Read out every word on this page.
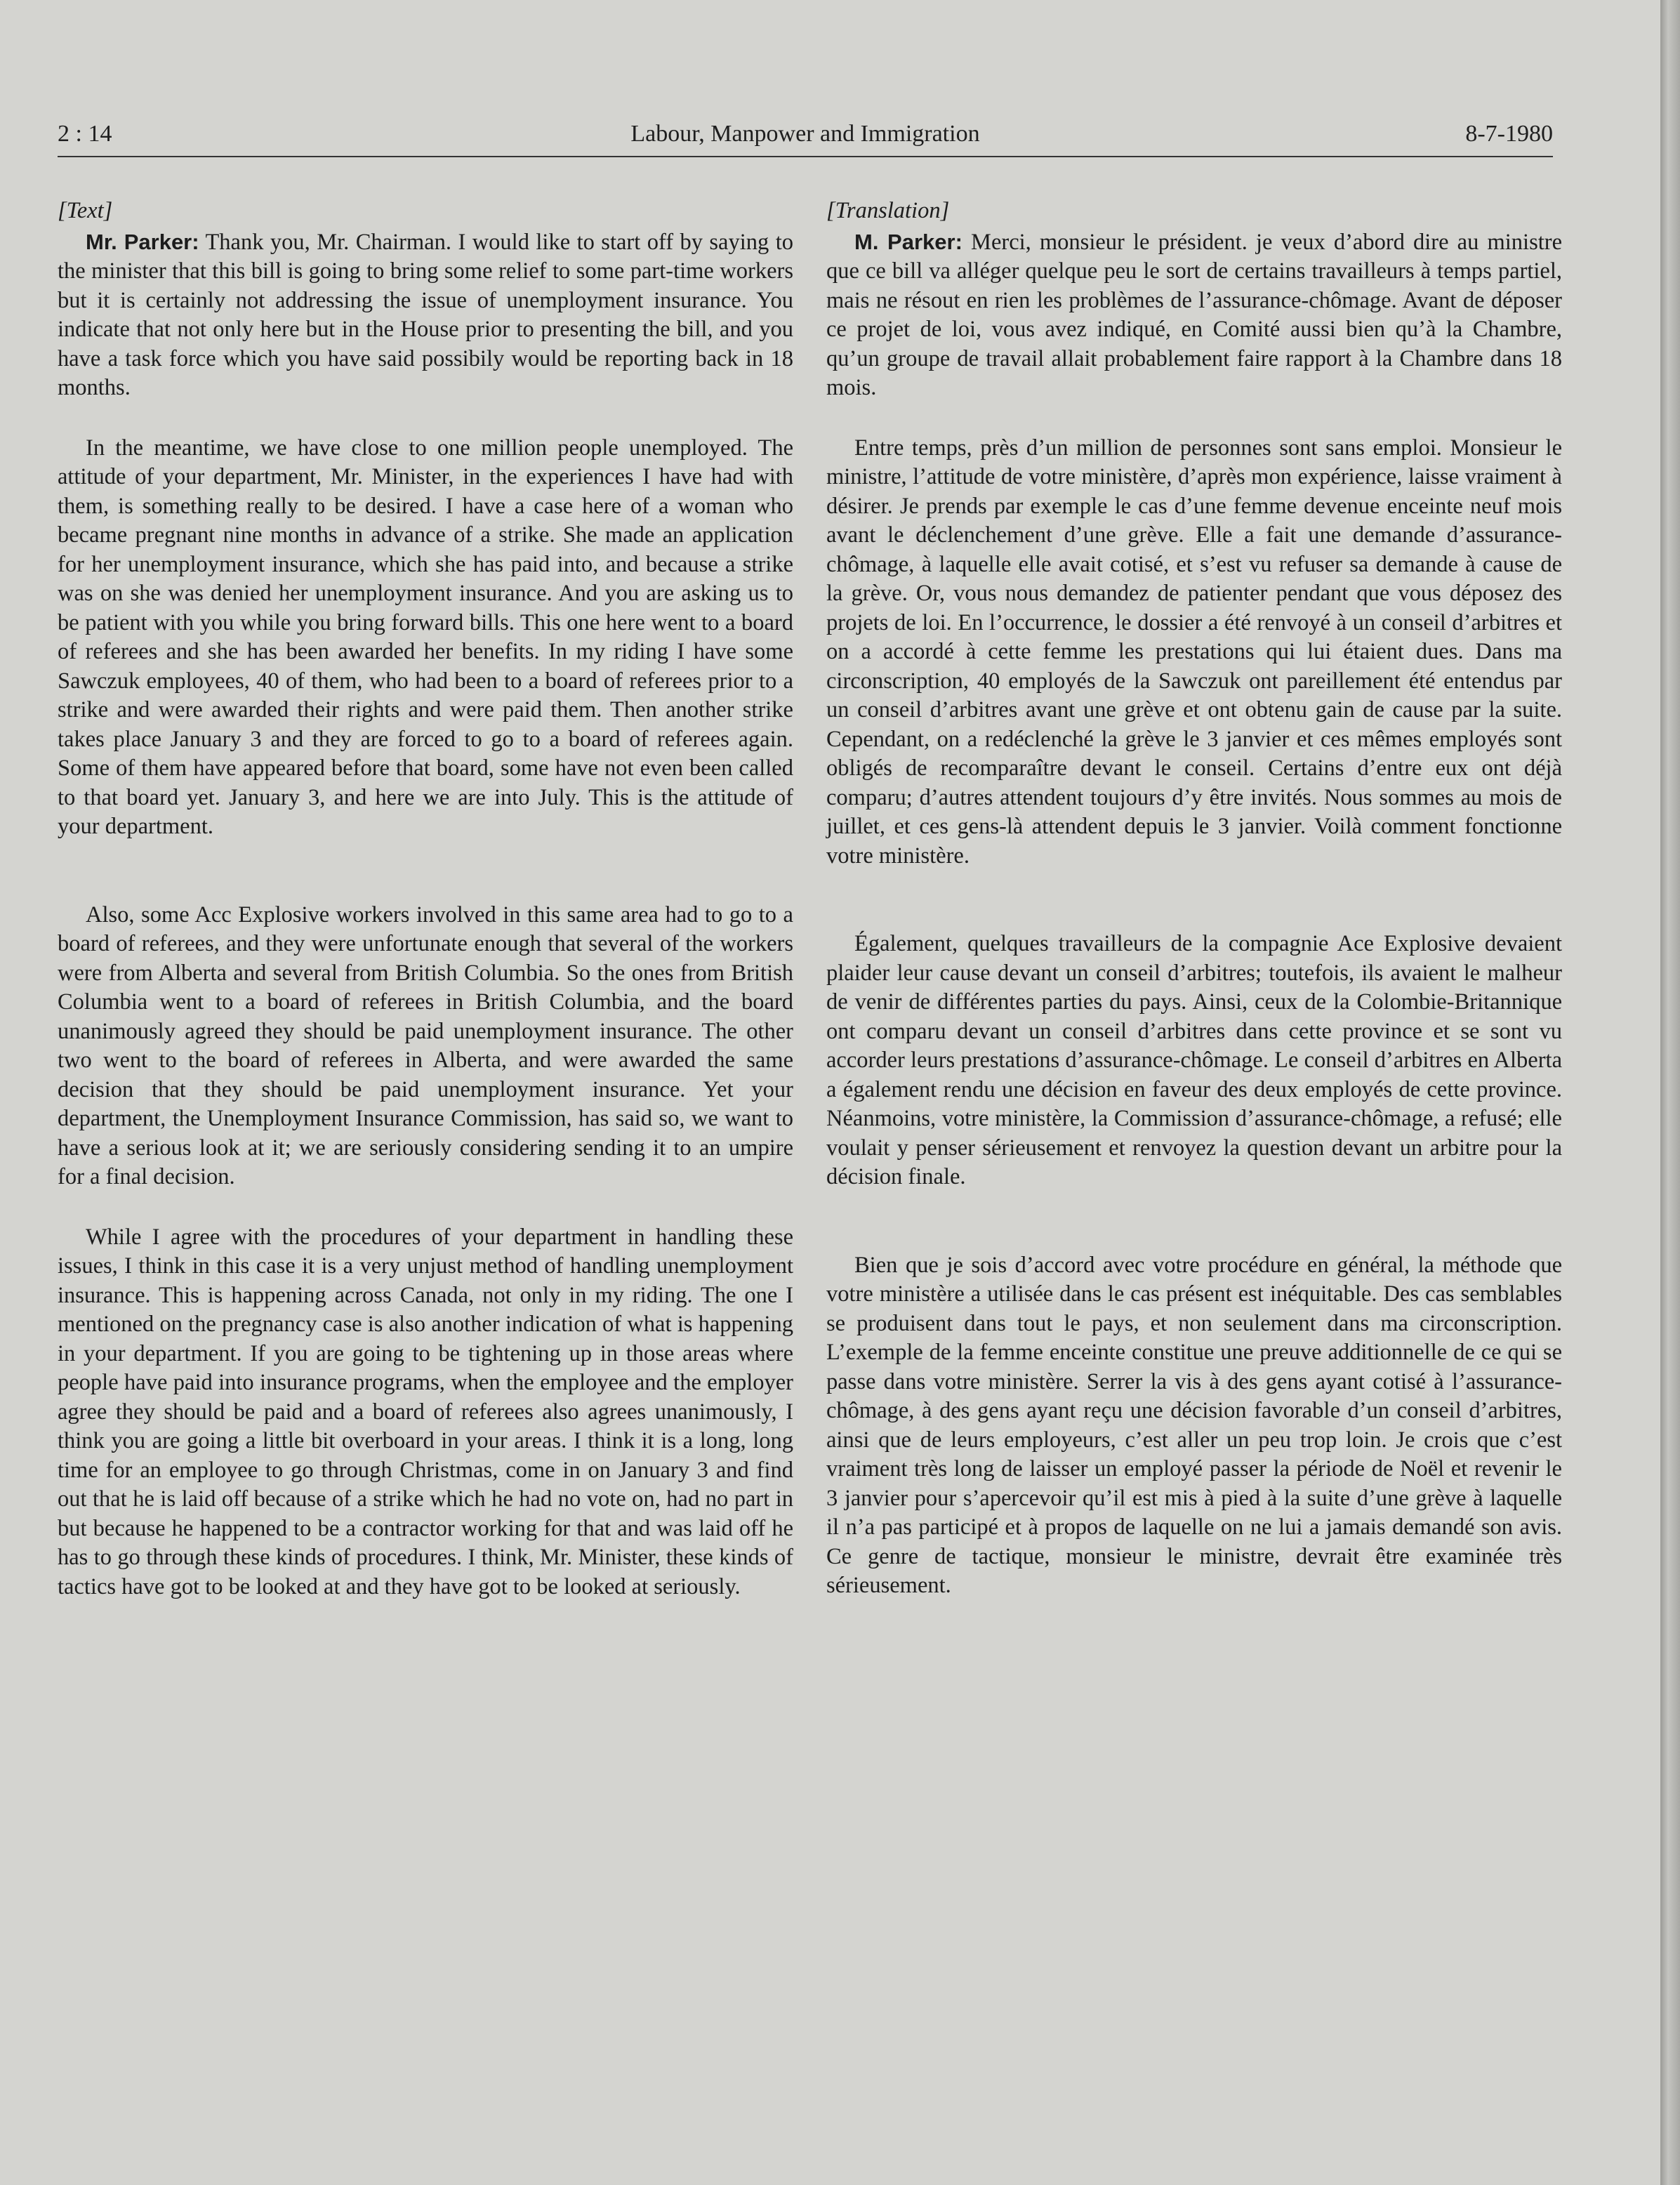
2 : 14	Labour, Manpower and Immigration	8-7-1980
[Text]

Mr. Parker: Thank you, Mr. Chairman. I would like to start off by saying to the minister that this bill is going to bring some relief to some part-time workers but it is certainly not addressing the issue of unemployment insurance. You indicate that not only here but in the House prior to presenting the bill, and you have a task force which you have said possibily would be reporting back in 18 months.

In the meantime, we have close to one million people unemployed. The attitude of your department, Mr. Minister, in the experiences I have had with them, is something really to be desired. I have a case here of a woman who became pregnant nine months in advance of a strike. She made an application for her unemployment insurance, which she has paid into, and because a strike was on she was denied her unemployment insurance. And you are asking us to be patient with you while you bring forward bills. This one here went to a board of referees and she has been awarded her benefits. In my riding I have some Sawczuk employees, 40 of them, who had been to a board of referees prior to a strike and were awarded their rights and were paid them. Then another strike takes place January 3 and they are forced to go to a board of referees again. Some of them have appeared before that board, some have not even been called to that board yet. January 3, and here we are into July. This is the attitude of your department.

Also, some Acc Explosive workers involved in this same area had to go to a board of referees, and they were unfortunate enough that several of the workers were from Alberta and several from British Columbia. So the ones from British Columbia went to a board of referees in British Columbia, and the board unanimously agreed they should be paid unemployment insurance. The other two went to the board of referees in Alberta, and were awarded the same decision that they should be paid unemployment insurance. Yet your department, the Unemployment Insurance Commission, has said so, we want to have a serious look at it; we are seriously considering sending it to an umpire for a final decision.

While I agree with the procedures of your department in handling these issues, I think in this case it is a very unjust method of handling unemployment insurance. This is happening across Canada, not only in my riding. The one I mentioned on the pregnancy case is also another indication of what is happening in your department. If you are going to be tightening up in those areas where people have paid into insurance programs, when the employee and the employer agree they should be paid and a board of referees also agrees unanimously, I think you are going a little bit overboard in your areas. I think it is a long, long time for an employee to go through Christmas, come in on January 3 and find out that he is laid off because of a strike which he had no vote on, had no part in but because he happened to be a contractor working for that and was laid off he has to go through these kinds of procedures. I think, Mr. Minister, these kinds of tactics have got to be looked at and they have got to be looked at seriously.

[Translation]

M. Parker: Merci, monsieur le président. je veux d’abord dire au ministre que ce bill va alléger quelque peu le sort de certains travailleurs à temps partiel, mais ne résout en rien les problèmes de l’assurance-chômage. Avant de déposer ce projet de loi, vous avez indiqué, en Comité aussi bien qu’à la Chambre, qu’un groupe de travail allait probablement faire rapport à la Chambre dans 18 mois.

Entre temps, près d’un million de personnes sont sans emploi. Monsieur le ministre, l’attitude de votre ministère, d’après mon expérience, laisse vraiment à désirer. Je prends par exemple le cas d’une femme devenue enceinte neuf mois avant le déclenchement d’une grève. Elle a fait une demande d’assurance-chômage, à laquelle elle avait cotisé, et s’est vu refuser sa demande à cause de la grève. Or, vous nous demandez de patienter pendant que vous déposez des projets de loi. En l’occurrence, le dossier a été renvoyé à un conseil d’arbitres et on a accordé à cette femme les prestations qui lui étaient dues. Dans ma circonscription, 40 employés de la Sawczuk ont pareillement été entendus par un conseil d’arbitres avant une grève et ont obtenu gain de cause par la suite. Cependant, on a redéclenché la grève le 3 janvier et ces mêmes employés sont obligés de recomparaître devant le conseil. Certains d’entre eux ont déjà comparu; d’autres attendent toujours d’y être invités. Nous sommes au mois de juillet, et ces gens-là attendent depuis le 3 janvier. Voilà comment fonctionne votre ministère.

Également, quelques travailleurs de la compagnie Ace Explosive devaient plaider leur cause devant un conseil d’arbitres; toutefois, ils avaient le malheur de venir de différentes parties du pays. Ainsi, ceux de la Colombie-Britannique ont comparu devant un conseil d’arbitres dans cette province et se sont vu accorder leurs prestations d’assurance-chômage. Le conseil d’arbitres en Alberta a également rendu une décision en faveur des deux employés de cette province. Néanmoins, votre ministère, la Commission d’assurance-chômage, a refusé; elle voulait y penser sérieusement et renvoyez la question devant un arbitre pour la décision finale.

Bien que je sois d’accord avec votre procédure en général, la méthode que votre ministère a utilisée dans le cas présent est inéquitable. Des cas semblables se produisent dans tout le pays, et non seulement dans ma circonscription. L’exemple de la femme enceinte constitue une preuve additionnelle de ce qui se passe dans votre ministère. Serrer la vis à des gens ayant cotisé à l’assurance-chômage, à des gens ayant reçu une décision favorable d’un conseil d’arbitres, ainsi que de leurs employeurs, c’est aller un peu trop loin. Je crois que c’est vraiment très long de laisser un employé passer la période de Noël et revenir le 3 janvier pour s’apercevoir qu’il est mis à pied à la suite d’une grève à laquelle il n’a pas participé et à propos de laquelle on ne lui a jamais demandé son avis. Ce genre de tactique, monsieur le ministre, devrait être examinée très sérieusement.
